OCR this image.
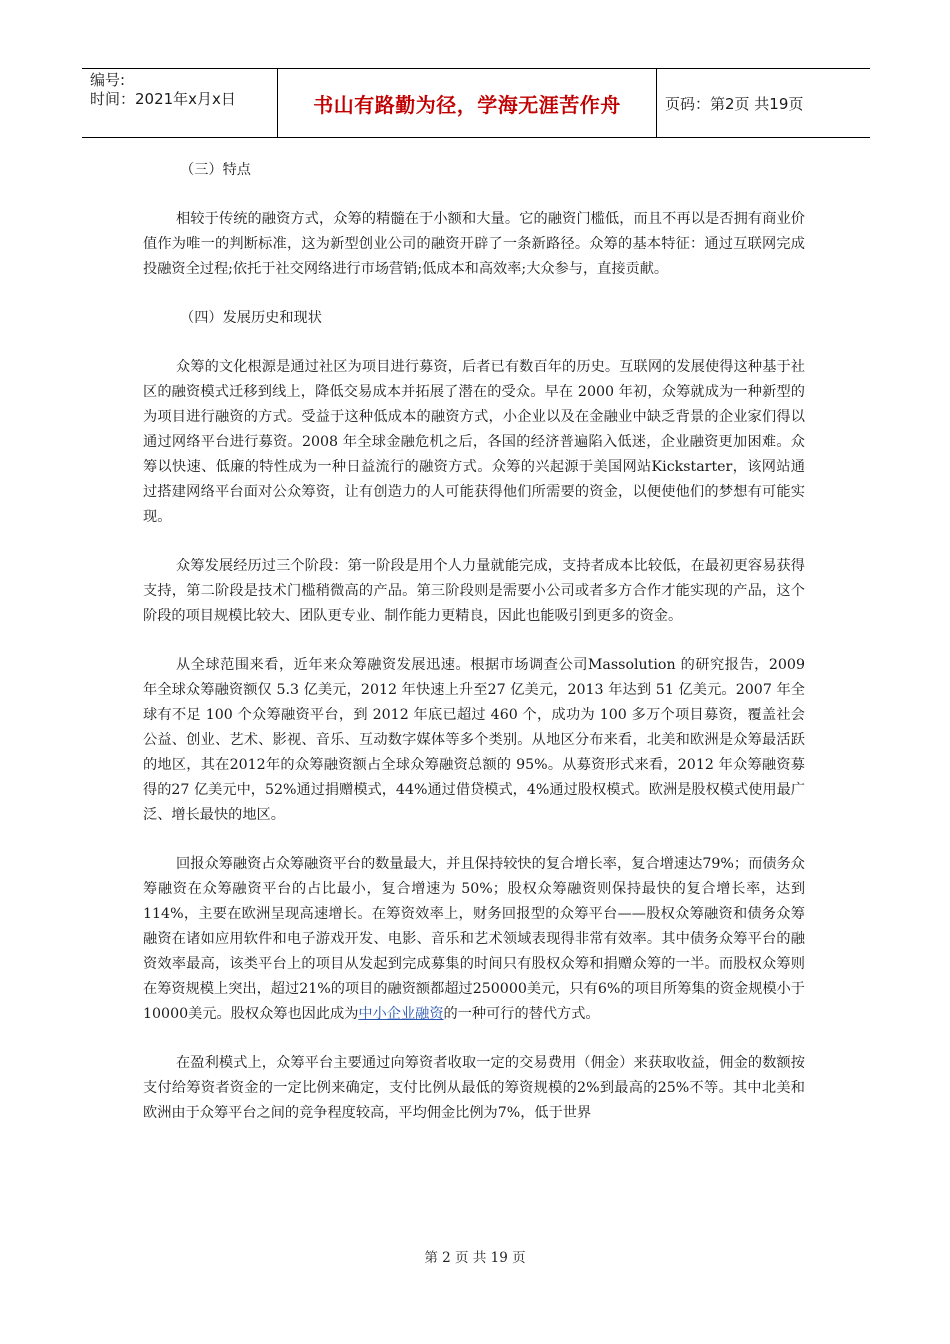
编号:
时间：2021年x月x日	书山有路勤为径，学海无涯苦作舟	页码：第2页 共19页

（三）特点

相较于传统的融资方式，众筹的精髓在于小额和大量。它的融资门槛低，而且不再以是否拥有商业价值作为唯一的判断标准，这为新型创业公司的融资开辟了一条新路径。众筹的基本特征：通过互联网完成投融资全过程;依托于社交网络进行市场营销;低成本和高效率;大众参与，直接贡献。

（四）发展历史和现状

众筹的文化根源是通过社区为项目进行募资，后者已有数百年的历史。互联网的发展使得这种基于社区的融资模式迁移到线上，降低交易成本并拓展了潜在的受众。早在 2000 年初，众筹就成为一种新型的为项目进行融资的方式。受益于这种低成本的融资方式，小企业以及在金融业中缺乏背景的企业家们得以通过网络平台进行募资。2008 年全球金融危机之后，各国的经济普遍陷入低迷，企业融资更加困难。众筹以快速、低廉的特性成为一种日益流行的融资方式。众筹的兴起源于美国网站Kickstarter，该网站通过搭建网络平台面对公众筹资，让有创造力的人可能获得他们所需要的资金，以便使他们的梦想有可能实现。

众筹发展经历过三个阶段：第一阶段是用个人力量就能完成，支持者成本比较低，在最初更容易获得支持，第二阶段是技术门槛稍微高的产品。第三阶段则是需要小公司或者多方合作才能实现的产品，这个阶段的项目规模比较大、团队更专业、制作能力更精良，因此也能吸引到更多的资金。

从全球范围来看，近年来众筹融资发展迅速。根据市场调查公司Massolution 的研究报告，2009 年全球众筹融资额仅 5.3 亿美元，2012 年快速上升至27 亿美元，2013 年达到 51 亿美元。2007 年全球有不足 100 个众筹融资平台，到 2012 年底已超过 460 个，成功为 100 多万个项目募资，覆盖社会公益、创业、艺术、影视、音乐、互动数字媒体等多个类别。从地区分布来看，北美和欧洲是众筹最活跃的地区，其在2012年的众筹融资额占全球众筹融资总额的 95%。从募资形式来看，2012 年众筹融资募得的27 亿美元中，52%通过捐赠模式，44%通过借贷模式，4%通过股权模式。欧洲是股权模式使用最广泛、增长最快的地区。

回报众筹融资占众筹融资平台的数量最大，并且保持较快的复合增长率，复合增速达79%；而债务众筹融资在众筹融资平台的占比最小，复合增速为 50%；股权众筹融资则保持最快的复合增长率，达到114%，主要在欧洲呈现高速增长。在筹资效率上，财务回报型的众筹平台——股权众筹融资和债务众筹融资在诸如应用软件和电子游戏开发、电影、音乐和艺术领域表现得非常有效率。其中债务众筹平台的融资效率最高，该类平台上的项目从发起到完成募集的时间只有股权众筹和捐赠众筹的一半。而股权众筹则在筹资规模上突出，超过21%的项目的融资额都超过250000美元，只有6%的项目所筹集的资金规模小于 10000美元。股权众筹也因此成为中小企业融资的一种可行的替代方式。

在盈利模式上，众筹平台主要通过向筹资者收取一定的交易费用（佣金）来获取收益，佣金的数额按支付给筹资者资金的一定比例来确定，支付比例从最低的筹资规模的2%到最高的25%不等。其中北美和欧洲由于众筹平台之间的竞争程度较高，平均佣金比例为7%，低于世界

第 2 页 共 19 页
